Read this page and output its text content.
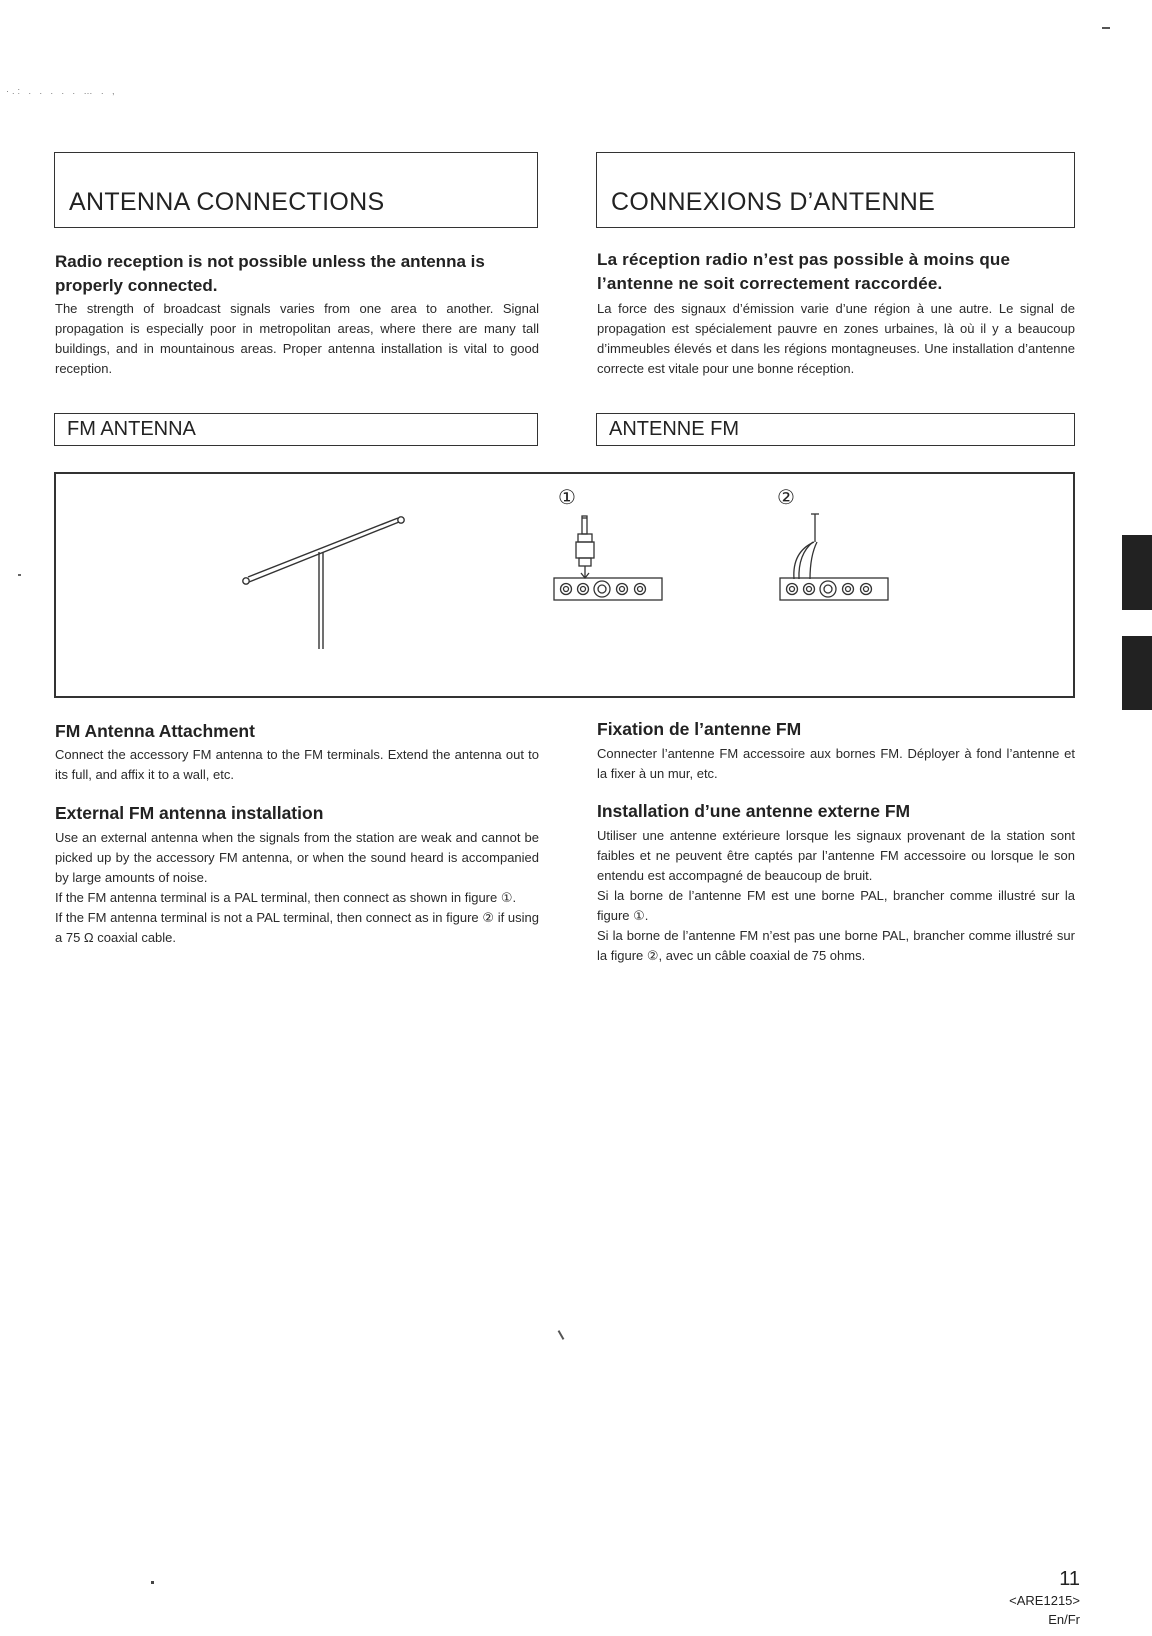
·.: . . . . . … . ,
ANTENNA CONNECTIONS
Radio reception is not possible unless the antenna is properly connected.

The strength of broadcast signals varies from one area to another. Signal propagation is especially poor in metropolitan areas, where there are many tall buildings, and in mountainous areas. Proper antenna installation is vital to good reception.

FM ANTENNA
CONNEXIONS D’ANTENNE
La réception radio n’est pas possible à moins que l’antenne ne soit correctement raccordée.

La force des signaux d’émission varie d’une région à une autre. Le signal de propagation est spécialement pauvre en zones urbaines, là où il y a beaucoup d’immeubles élevés et dans les régions montagneuses. Une installation d’antenne correcte est vitale pour une bonne réception.

ANTENNE FM
①	②
FM Antenna Attachment

Connect the accessory FM antenna to the FM terminals. Extend the antenna out to its full, and affix it to a wall, etc.

External FM antenna installation

Use an external antenna when the signals from the station are weak and cannot be picked up by the accessory FM antenna, or when the sound heard is accompanied by large amounts of noise.

If the FM antenna terminal is a PAL terminal, then connect as shown in figure ①.

If the FM antenna terminal is not a PAL terminal, then connect as in figure ② if using a 75 Ω coaxial cable.

Fixation de l’antenne FM

Connecter l’antenne FM accessoire aux bornes FM. Déployer à fond l’antenne et la fixer à un mur, etc.

Installation d’une antenne externe FM

Utiliser une antenne extérieure lorsque les signaux provenant de la station sont faibles et ne peuvent être captés par l’antenne FM accessoire ou lorsque le son entendu est accompagné de beaucoup de bruit.

Si la borne de l’antenne FM est une borne PAL, brancher comme illustré sur la figure ①.

Si la borne de l’antenne FM n’est pas une borne PAL, brancher comme illustré sur la figure ②, avec un câble coaxial de 75 ohms.

11
<ARE1215>
En/Fr
